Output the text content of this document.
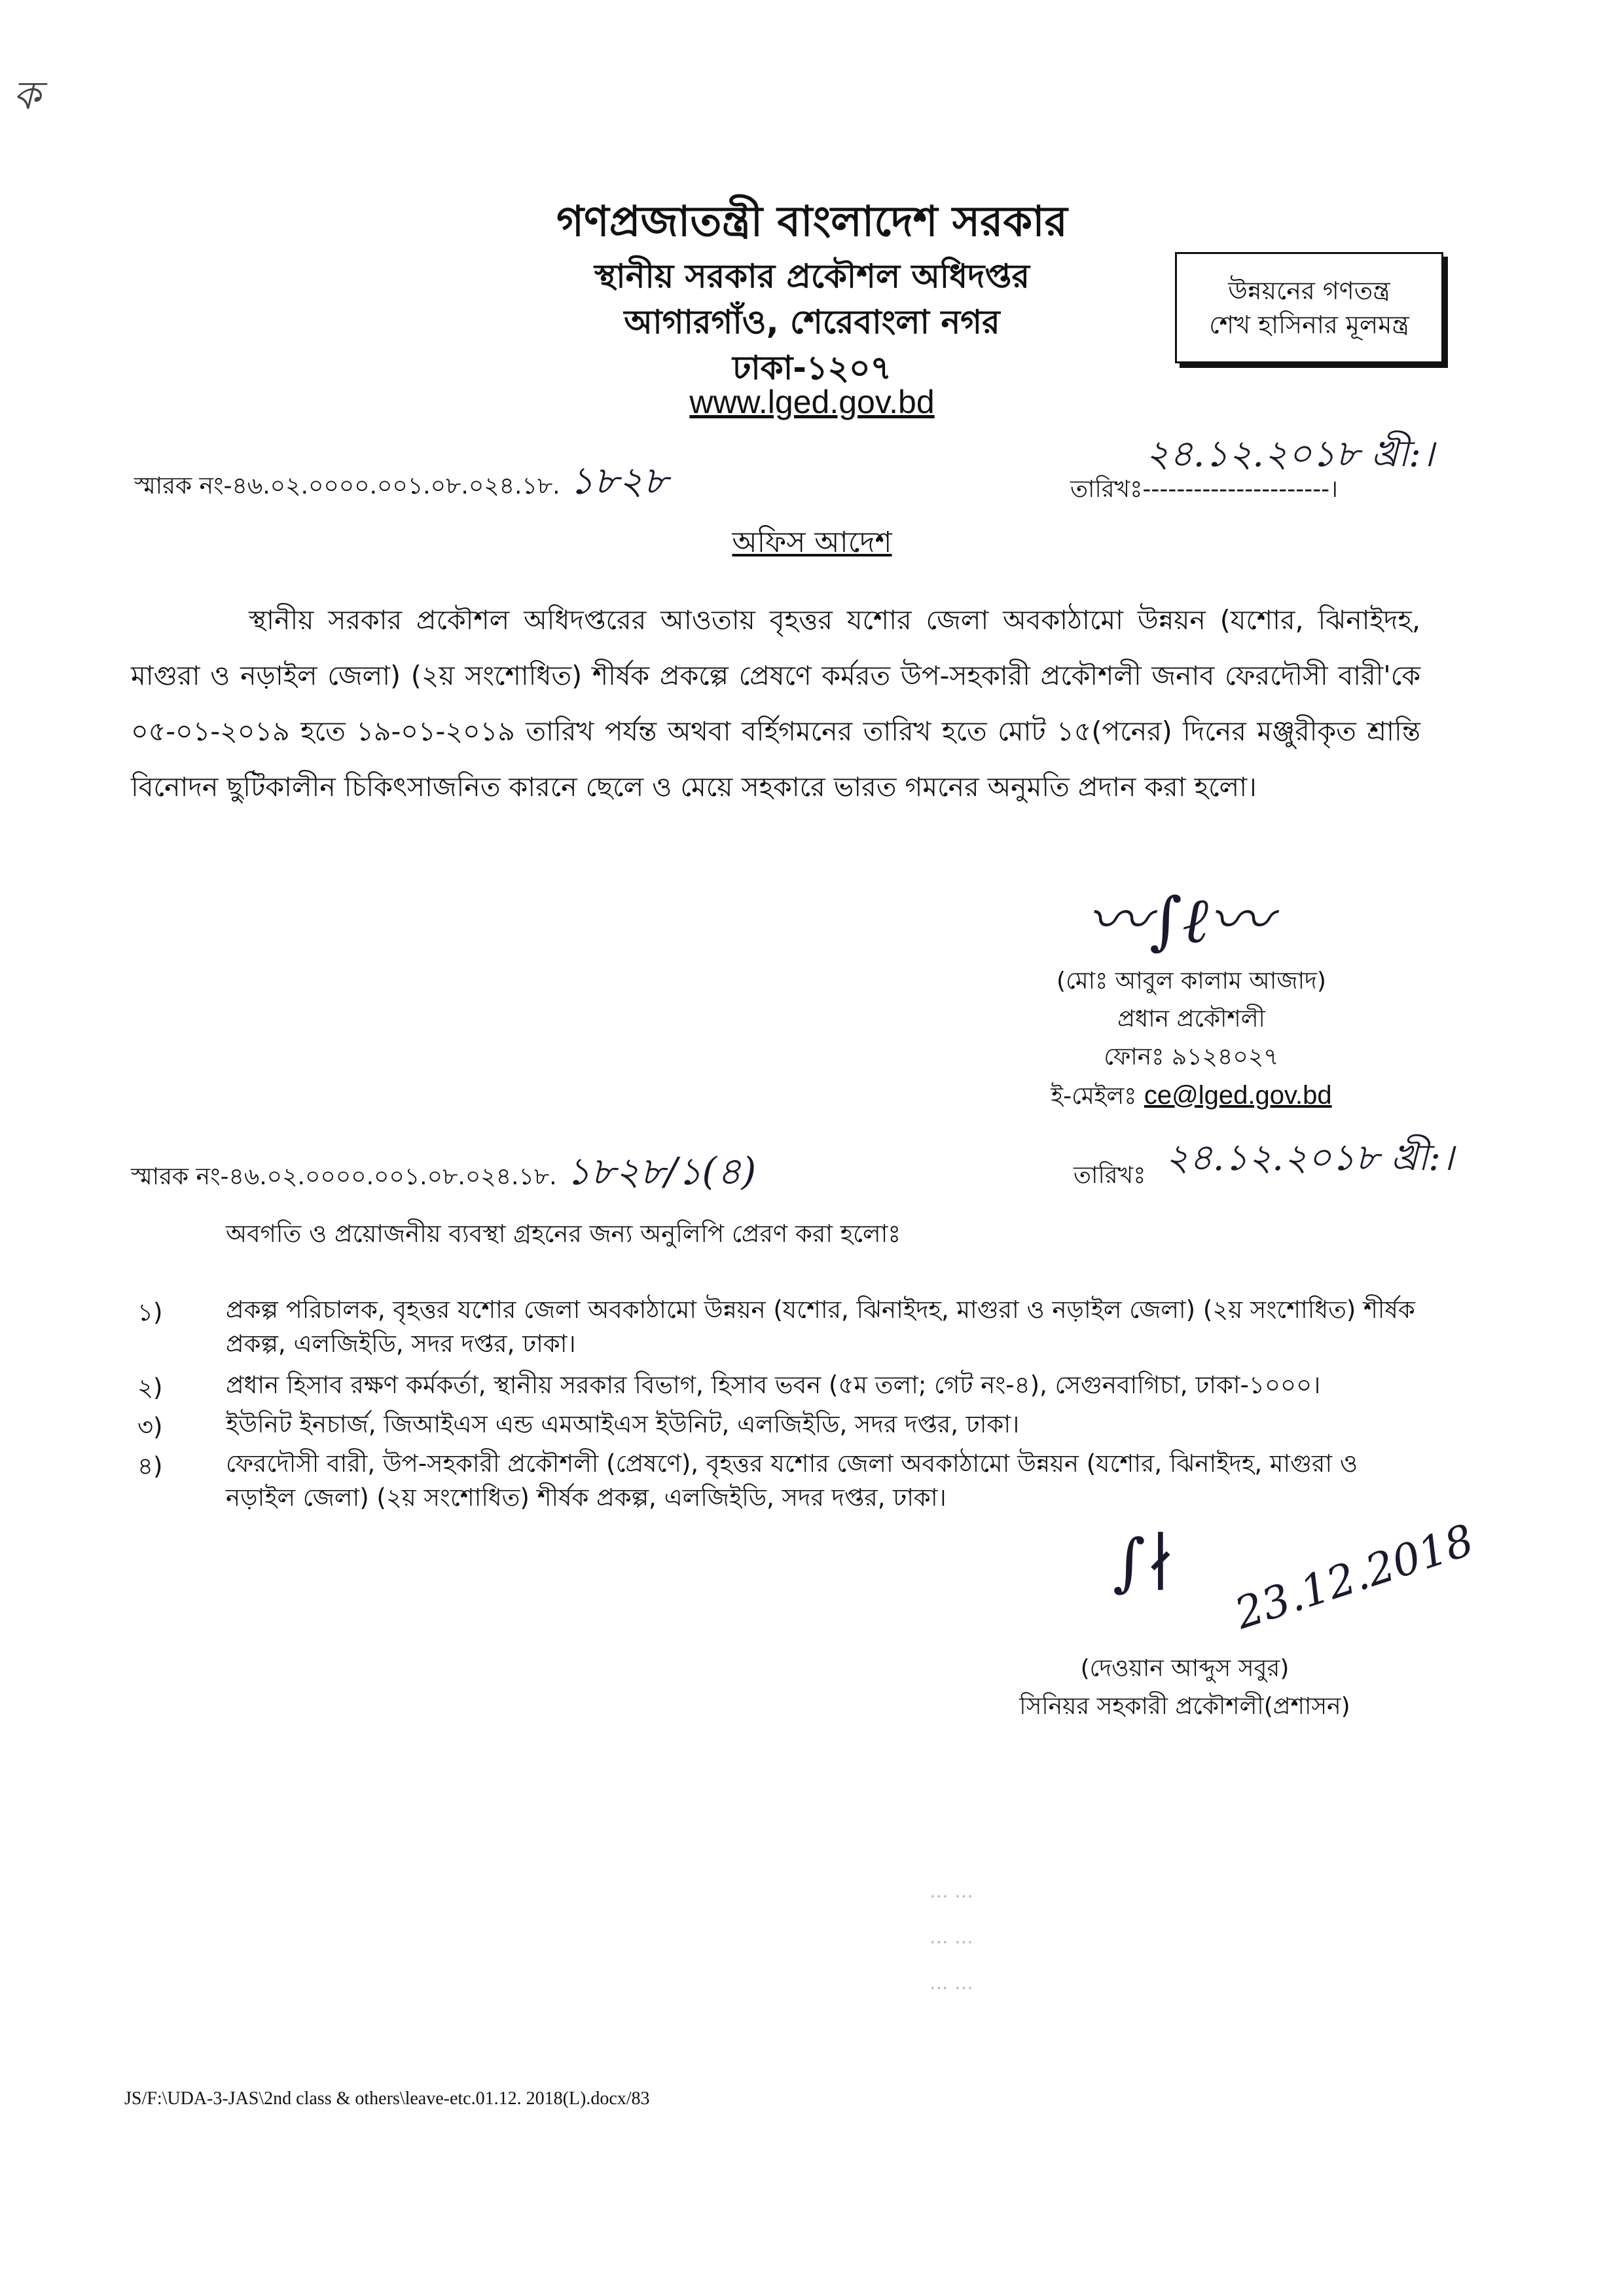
ক
গণপ্রজাতন্ত্রী বাংলাদেশ সরকার
স্থানীয় সরকার প্রকৌশল অধিদপ্তর
আগারগাঁও, শেরেবাংলা নগর
ঢাকা-১২০৭
www.lged.gov.bd
উন্নয়নের গণতন্ত্র
শেখ হাসিনার মূলমন্ত্র
স্মারক নং-৪৬.০২.০০০০.০০১.০৮.০২৪.১৮. ১৮২৮
২৪.১২.২০১৮ খ্রী:।
তারিখঃ----------------------।
অফিস আদেশ
স্থানীয় সরকার প্রকৌশল অধিদপ্তরের আওতায় বৃহত্তর যশোর জেলা অবকাঠামো উন্নয়ন (যশোর, ঝিনাইদহ, মাগুরা ও নড়াইল জেলা) (২য় সংশোধিত) শীর্ষক প্রকল্পে প্রেষণে কর্মরত উপ-সহকারী প্রকৌশলী জনাব ফেরদৌসী বারী'কে ০৫-০১-২০১৯ হতে ১৯-০১-২০১৯ তারিখ পর্যন্ত অথবা বর্হিগমনের তারিখ হতে মোট ১৫(পনের) দিনের মঞ্জুরীকৃত শ্রান্তি বিনোদন ছুটিকালীন চিকিৎসাজনিত কারনে ছেলে ও মেয়ে সহকারে ভারত গমনের অনুমতি প্রদান করা হলো।
〰︎∫ℓ〰︎
(মোঃ আবুল কালাম আজাদ)
প্রধান প্রকৌশলী
ফোনঃ ৯১২৪০২৭
ই-মেইলঃ ce@lged.gov.bd
স্মারক নং-৪৬.০২.০০০০.০০১.০৮.০২৪.১৮. ১৮২৮/১(৪)	তারিখঃ ২৪.১২.২০১৮ খ্রী:।
অবগতি ও প্রয়োজনীয় ব্যবস্থা গ্রহনের জন্য অনুলিপি প্রেরণ করা হলোঃ
১)	প্রকল্প পরিচালক, বৃহত্তর যশোর জেলা অবকাঠামো উন্নয়ন (যশোর, ঝিনাইদহ, মাগুরা ও নড়াইল জেলা) (২য় সংশোধিত) শীর্ষক প্রকল্প, এলজিইডি, সদর দপ্তর, ঢাকা।
২)	প্রধান হিসাব রক্ষণ কর্মকর্তা, স্থানীয় সরকার বিভাগ, হিসাব ভবন (৫ম তলা; গেট নং-৪), সেগুনবাগিচা, ঢাকা-১০০০।
৩)	ইউনিট ইনচার্জ, জিআইএস এন্ড এমআইএস ইউনিট, এলজিইডি, সদর দপ্তর, ঢাকা।
৪)	ফেরদৌসী বারী, উপ-সহকারী প্রকৌশলী (প্রেষণে), বৃহত্তর যশোর জেলা অবকাঠামো উন্নয়ন (যশোর, ঝিনাইদহ, মাগুরা ও নড়াইল জেলা) (২য় সংশোধিত) শীর্ষক প্রকল্প, এলজিইডি, সদর দপ্তর, ঢাকা।
∫∤ 23.12.2018
(দেওয়ান আব্দুস সবুর)
সিনিয়র সহকারী প্রকৌশলী(প্রশাসন)
··· ···
··· ···
··· ···
JS/F:\UDA-3-JAS\2nd class & others\leave-etc.01.12. 2018(L).docx/83
